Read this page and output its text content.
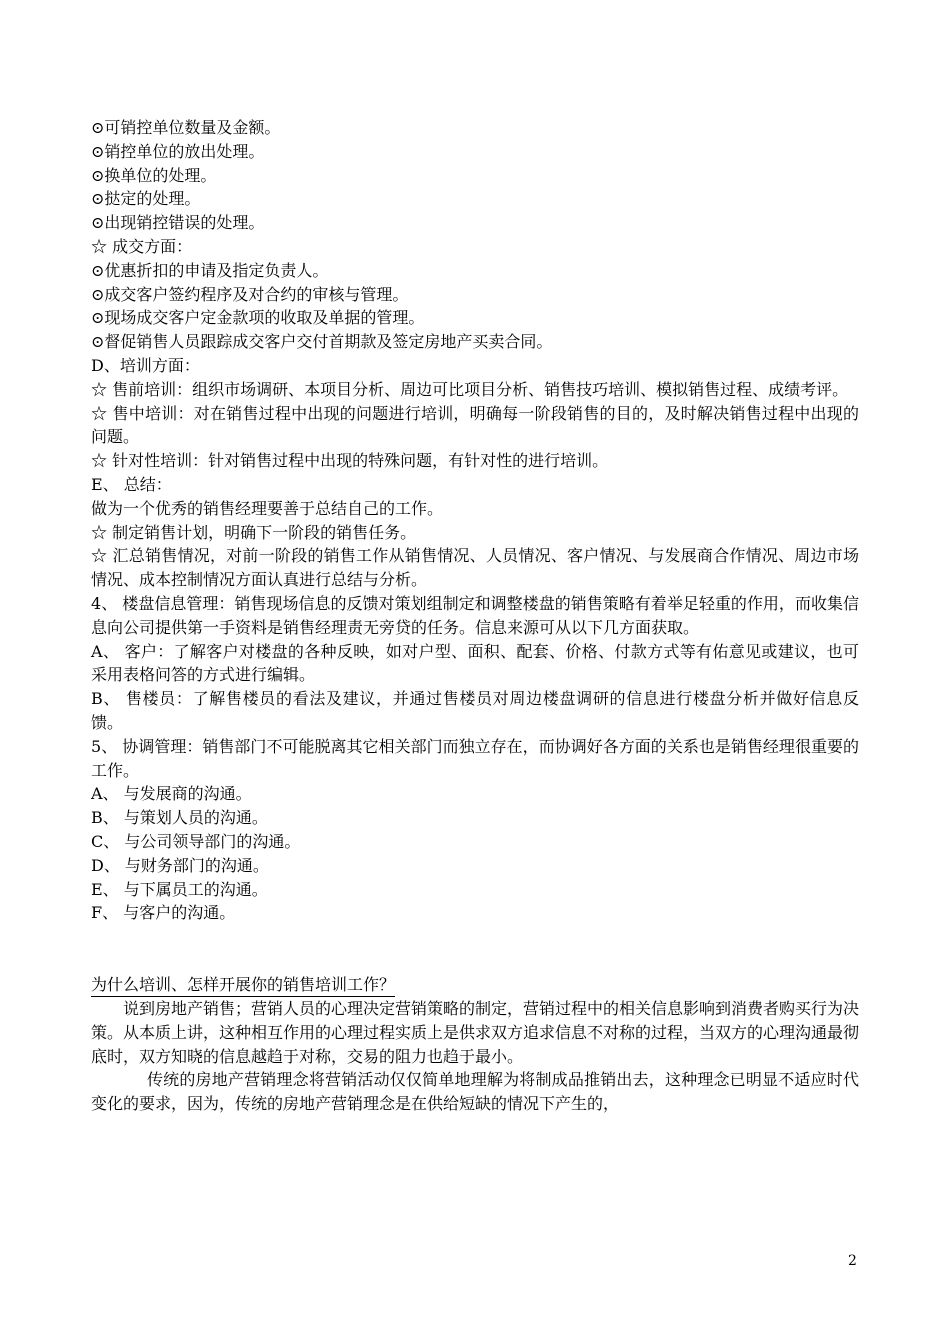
⊙可销控单位数量及金额。

⊙销控单位的放出处理。

⊙换单位的处理。

⊙挞定的处理。

⊙出现销控错误的处理。

☆ 成交方面：

⊙优惠折扣的申请及指定负责人。

⊙成交客户签约程序及对合约的审核与管理。

⊙现场成交客户定金款项的收取及单据的管理。

⊙督促销售人员跟踪成交客户交付首期款及签定房地产买卖合同。

D、培训方面：

☆ 售前培训：组织市场调研、本项目分析、周边可比项目分析、销售技巧培训、模拟销售过程、成绩考评。

☆ 售中培训：对在销售过程中出现的问题进行培训，明确每一阶段销售的目的，及时解决销售过程中出现的问题。

☆ 针对性培训：针对销售过程中出现的特殊问题，有针对性的进行培训。

E、 总结：

做为一个优秀的销售经理要善于总结自己的工作。

☆ 制定销售计划，明确下一阶段的销售任务。

☆ 汇总销售情况，对前一阶段的销售工作从销售情况、人员情况、客户情况、与发展商合作情况、周边市场情况、成本控制情况方面认真进行总结与分析。

4、 楼盘信息管理：销售现场信息的反馈对策划组制定和调整楼盘的销售策略有着举足轻重的作用，而收集信息向公司提供第一手资料是销售经理责无旁贷的任务。信息来源可从以下几方面获取。

A、 客户：了解客户对楼盘的各种反映，如对户型、面积、配套、价格、付款方式等有佑意见或建议，也可采用表格问答的方式进行编辑。

B、 售楼员：了解售楼员的看法及建议，并通过售楼员对周边楼盘调研的信息进行楼盘分析并做好信息反馈。

5、 协调管理：销售部门不可能脱离其它相关部门而独立存在，而协调好各方面的关系也是销售经理很重要的工作。

A、 与发展商的沟通。

B、 与策划人员的沟通。

C、 与公司领导部门的沟通。

D、 与财务部门的沟通。

E、 与下属员工的沟通。

F、 与客户的沟通。

为什么培训、怎样开展你的销售培训工作？

说到房地产销售；营销人员的心理决定营销策略的制定，营销过程中的相关信息影响到消费者购买行为决策。从本质上讲，这种相互作用的心理过程实质上是供求双方追求信息不对称的过程，当双方的心理沟通最彻底时，双方知晓的信息越趋于对称，交易的阻力也趋于最小。

传统的房地产营销理念将营销活动仅仅简单地理解为将制成品推销出去，这种理念已明显不适应时代变化的要求，因为，传统的房地产营销理念是在供给短缺的情况下产生的，

2
